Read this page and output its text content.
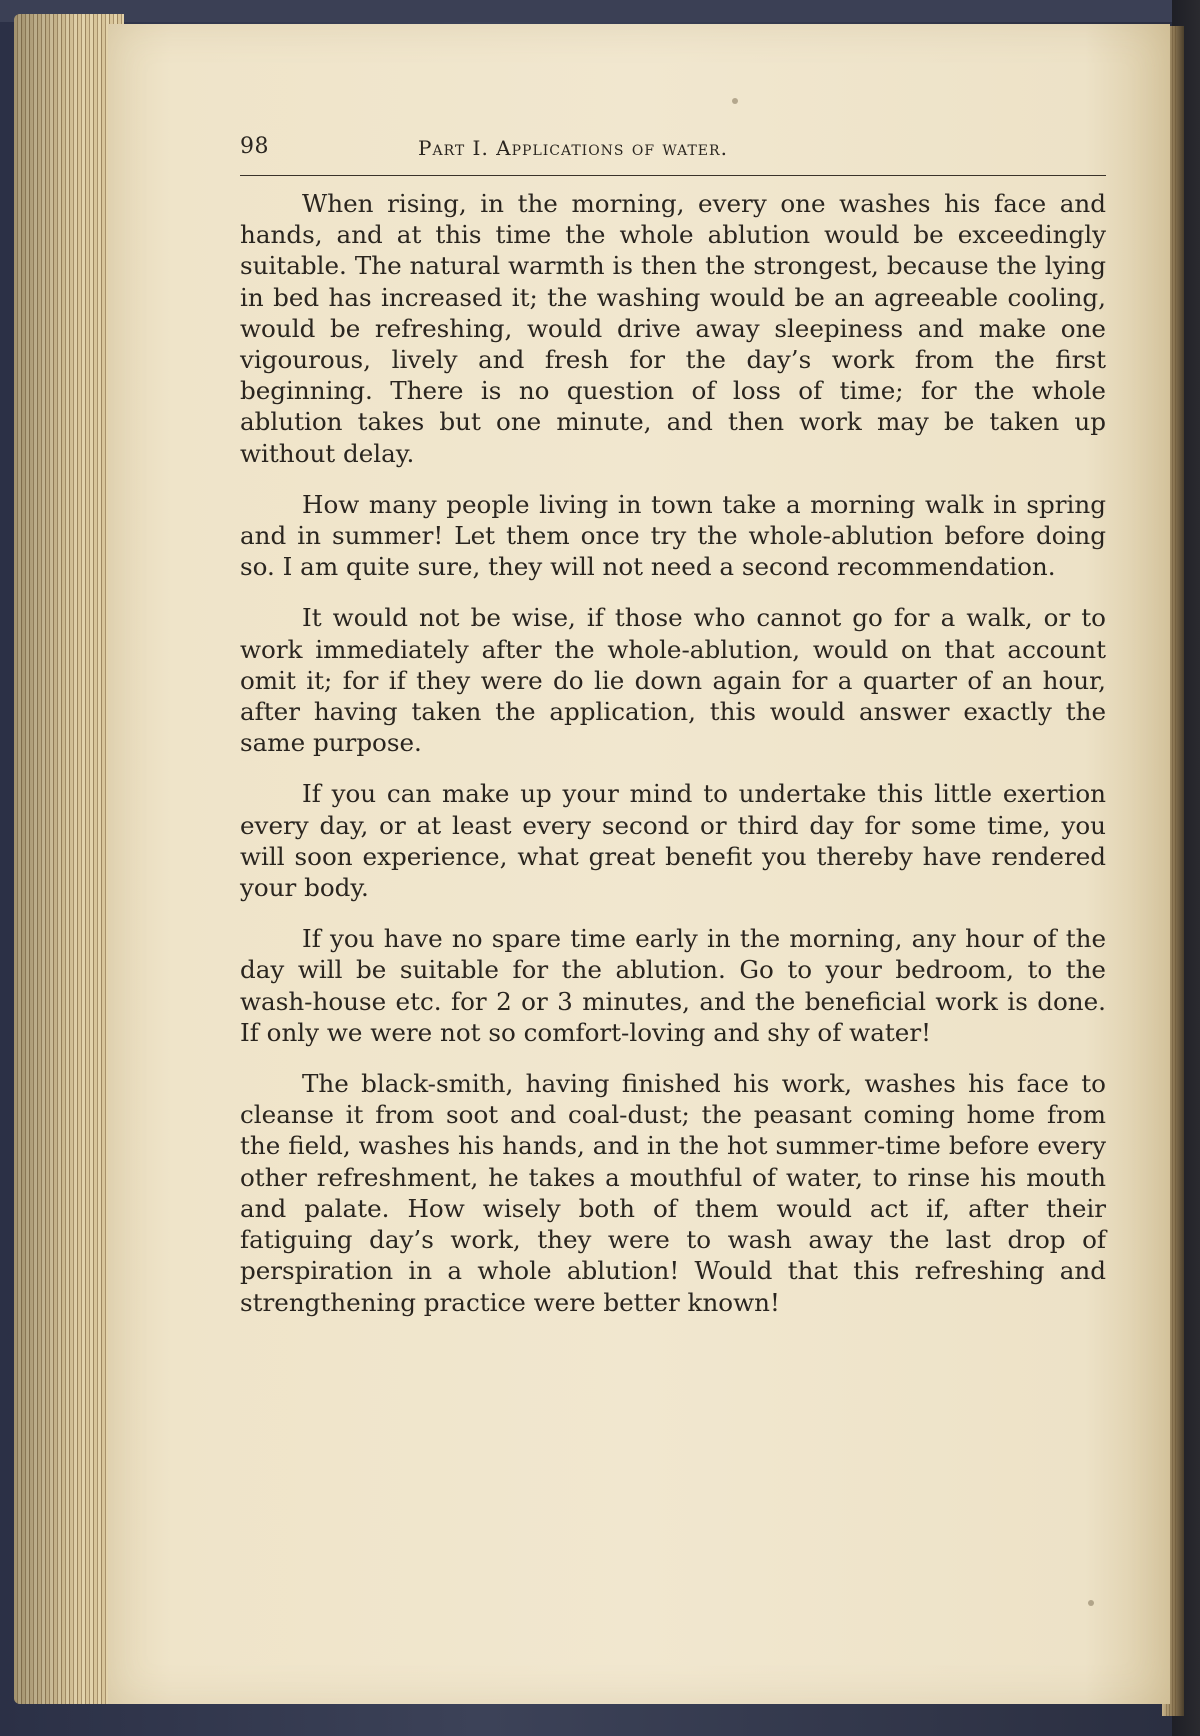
98	Part I. Applications of water.

When rising, in the morning, every one washes his face and hands, and at this time the whole ablution would be exceedingly suitable. The natural warmth is then the strongest, because the lying in bed has increased it; the washing would be an agreeable cooling, would be refreshing, would drive away sleepiness and make one vigourous, lively and fresh for the day’s work from the first beginning. There is no question of loss of time; for the whole ablution takes but one minute, and then work may be taken up without delay.

How many people living in town take a morning walk in spring and in summer! Let them once try the whole-ablution before doing so. I am quite sure, they will not need a second recommendation.

It would not be wise, if those who cannot go for a walk, or to work immediately after the whole-ablution, would on that account omit it; for if they were do lie down again for a quarter of an hour, after having taken the application, this would answer exactly the same purpose.

If you can make up your mind to undertake this little exertion every day, or at least every second or third day for some time, you will soon experience, what great benefit you thereby have rendered your body.

If you have no spare time early in the morning, any hour of the day will be suitable for the ablution. Go to your bedroom, to the wash-house etc. for 2 or 3 minutes, and the beneficial work is done. If only we were not so comfort-loving and shy of water!

The black-smith, having finished his work, washes his face to cleanse it from soot and coal-dust; the peasant coming home from the field, washes his hands, and in the hot summer-time before every other refreshment, he takes a mouthful of water, to rinse his mouth and palate. How wisely both of them would act if, after their fatiguing day’s work, they were to wash away the last drop of perspiration in a whole ablution! Would that this refreshing and strengthening practice were better known!
